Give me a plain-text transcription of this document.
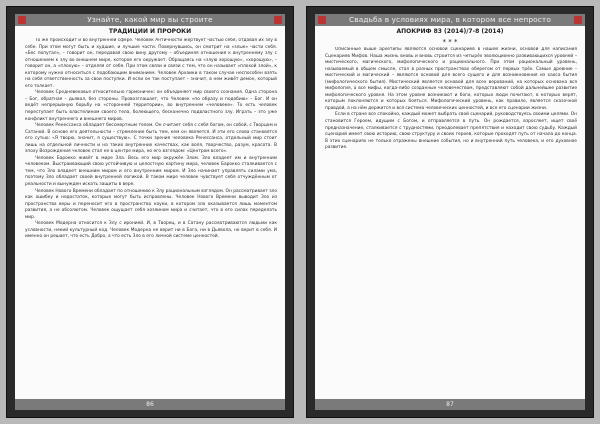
Узнайте, какой мир вы строите
ТРАДИЦИИ И ПРОРОКИ

То же происходит и во внутренней сфере. Человек Античности жертвует частью себя, отдавая их злу в себе. При этом могут быть и худшие, и лучшие части. Повернувшись, он смотрит на «злые» части себя. «Бес попутал», – говорит он, передавая свою вину другому – объединяя отношения к внутреннему злу с отношением к злу во внешнем мире, которое его окружает. Обращаясь на «злую хорошую», «хорошую», – говорит он, а «плохую» – отделяя от себя. При этом связи и связи с тем, что он называет «плохой злой», к которому нужно относиться с подобающим вниманием. Человек Архаики в таком случае неспособен взять на себя ответственность за свои поступки. И если он так поступает – значит, в нем живёт демон, который его толкает.

Человек Средневековья относительно гармоничен: он объединяет мир своего сознания. Одна сторона – Бог, обратная – дьявол, без стороны. Провозглашает, что Человек «по образу и подобию» – Бог. И он ведёт непрерывную борьбу на «сторонней территории», во внутреннем «человеке». То есть человек переступает быть властелином своего тела, болеющего, бесконечно подвластного злу. Играть – это уже конфликт внутреннего и внешнего миров.

Человек Ренессанса обладает бессмертным телом. Он считает себя с себя богом, он собой, с Творцом и Сатаной. В основе его деятельности – стремление быть тем, кем он является. И эти его слова становятся его сутью: «Я творю, значит, я существую». С точки зрения человека Ренессанса, отдельный мир стоит лишь на отдельной личности и на таких внутренних качествах, как воля, творчество, разум, красота. В эпоху Возрождения человек стал не в центре мира, но его взглядом: «Центром всего».

Человек Барокко живёт в мире Зла. Весь его мир окружён Злом. Зло владеет им и внутренним человеком. Выстраивающий свою устойчивую и целостную картину мира, человек Барокко сталкивается с тем, что Зло владеет внешним миром и его внутренним миром. И Зло начинает управлять силами ума, поэтому Зло обладает своей внутренней логикой. В таком мире человек чувствует себя отчуждённым от реальности и вынужден искать защиты в вере.

Человек Нового Времени обладает по отношению к Злу рациональным взглядом. Он рассматривает зло как ошибку и недостаток, которые могут быть исправлены. Человек Нового Времени выводит Зло из пространства веры и переносит его в пространство науки, в котором зло оказывается лишь моментом развития, а не абсолютом. Человек ощущает себя хозяином мира и считает, что в его силах переделать мир.

Человек Модерна относится к Злу с иронией. И, в Творец, и в Сатану рассматриваются людьми как условности, некий культурный код. Человек Модерна не верит ни в Бога, ни в Дьявола, но верит в себя. И именно он решает, что есть Добро, а что есть Зло в его личной системе ценностей.

86
Свадьба в условиях мира, в котором все непросто
АПОКРИФ 83 (2014)/7-8 (2014)
* * *

Описанные выше архетипы являются основой сценариев в нашей жизни, основой для написания Сценариев Мифов. Наша жизнь вновь и вновь строится из четырёх эволюционно развивающихся уровней – мистического, магического, мифологического и рационального. При этом рациональный уровень, называемый в общем смысле, стал в разных пространствах оберегом от первых трёх. Самые древние – мистический и магический – являются основой для всего сущего и для возникновения из хаоса бытия (мифологического бытия). Мистический является основой для всех верований, на которых основана вся мифология, а все мифы, когда-либо созданные человечеством, представляют собой дальнейшее развитие мифологического уровня. На этом уровне возникают и боги, которых люди почитают, в которых верят, которым поклоняются и которых бояться. Мифологический уровень, как правило, является сказочной правдой, а на нём держится и вся система человеческих ценностей, и все его сценарии жизни.

Если в стране все спокойно, каждый может выбрать свой сценарий, руководствуясь своими целями. Он становится Героем, идущим с Богом, и отправляется в путь. Он рождается, взрослеет, ищет своё предназначение, сталкивается с трудностями, преодолевает препятствия и находит свою судьбу. Каждый сценарий имеет свою историю, свою структуру и своих героев, которые проходят путь от начала до конца. В этих сценариях не только отражены внешние события, но и внутренний путь человека, и его духовное развитие.

87
